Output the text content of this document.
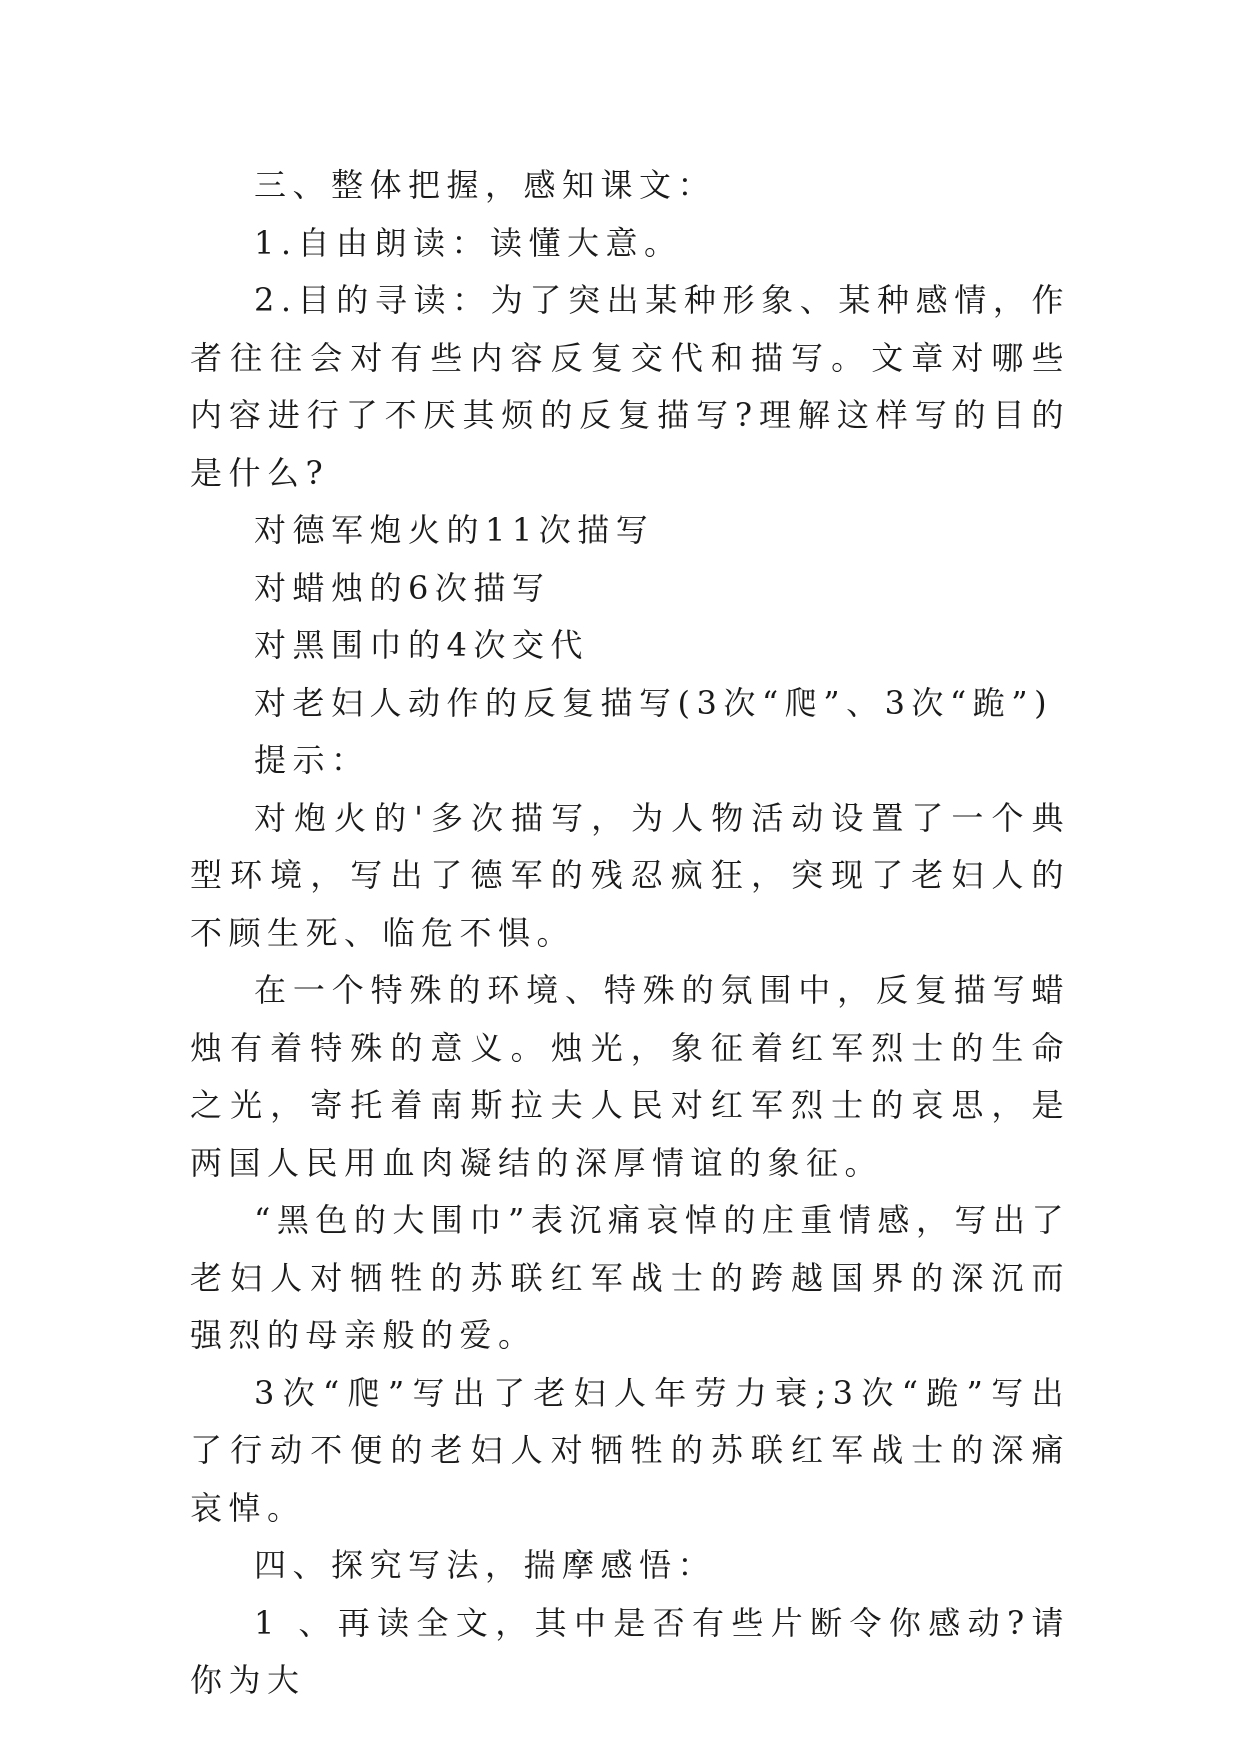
三、整体把握，感知课文：

1.自由朗读：读懂大意。

2.目的寻读：为了突出某种形象、某种感情，作者往往会对有些内容反复交代和描写。文章对哪些内容进行了不厌其烦的反复描写?理解这样写的目的是什么?

对德军炮火的11次描写

对蜡烛的6次描写

对黑围巾的4次交代

对老妇人动作的反复描写(3次“爬”、3次“跪”)

提示：

对炮火的'多次描写，为人物活动设置了一个典型环境，写出了德军的残忍疯狂，突现了老妇人的不顾生死、临危不惧。

在一个特殊的环境、特殊的氛围中，反复描写蜡烛有着特殊的意义。烛光，象征着红军烈士的生命之光，寄托着南斯拉夫人民对红军烈士的哀思，是两国人民用血肉凝结的深厚情谊的象征。

“黑色的大围巾”表沉痛哀悼的庄重情感，写出了老妇人对牺牲的苏联红军战士的跨越国界的深沉而强烈的母亲般的爱。

3次“爬”写出了老妇人年劳力衰;3次“跪”写出了行动不便的老妇人对牺牲的苏联红军战士的深痛哀悼。

四、探究写法，揣摩感悟：

1 、再读全文，其中是否有些片断令你感动?请你为大
